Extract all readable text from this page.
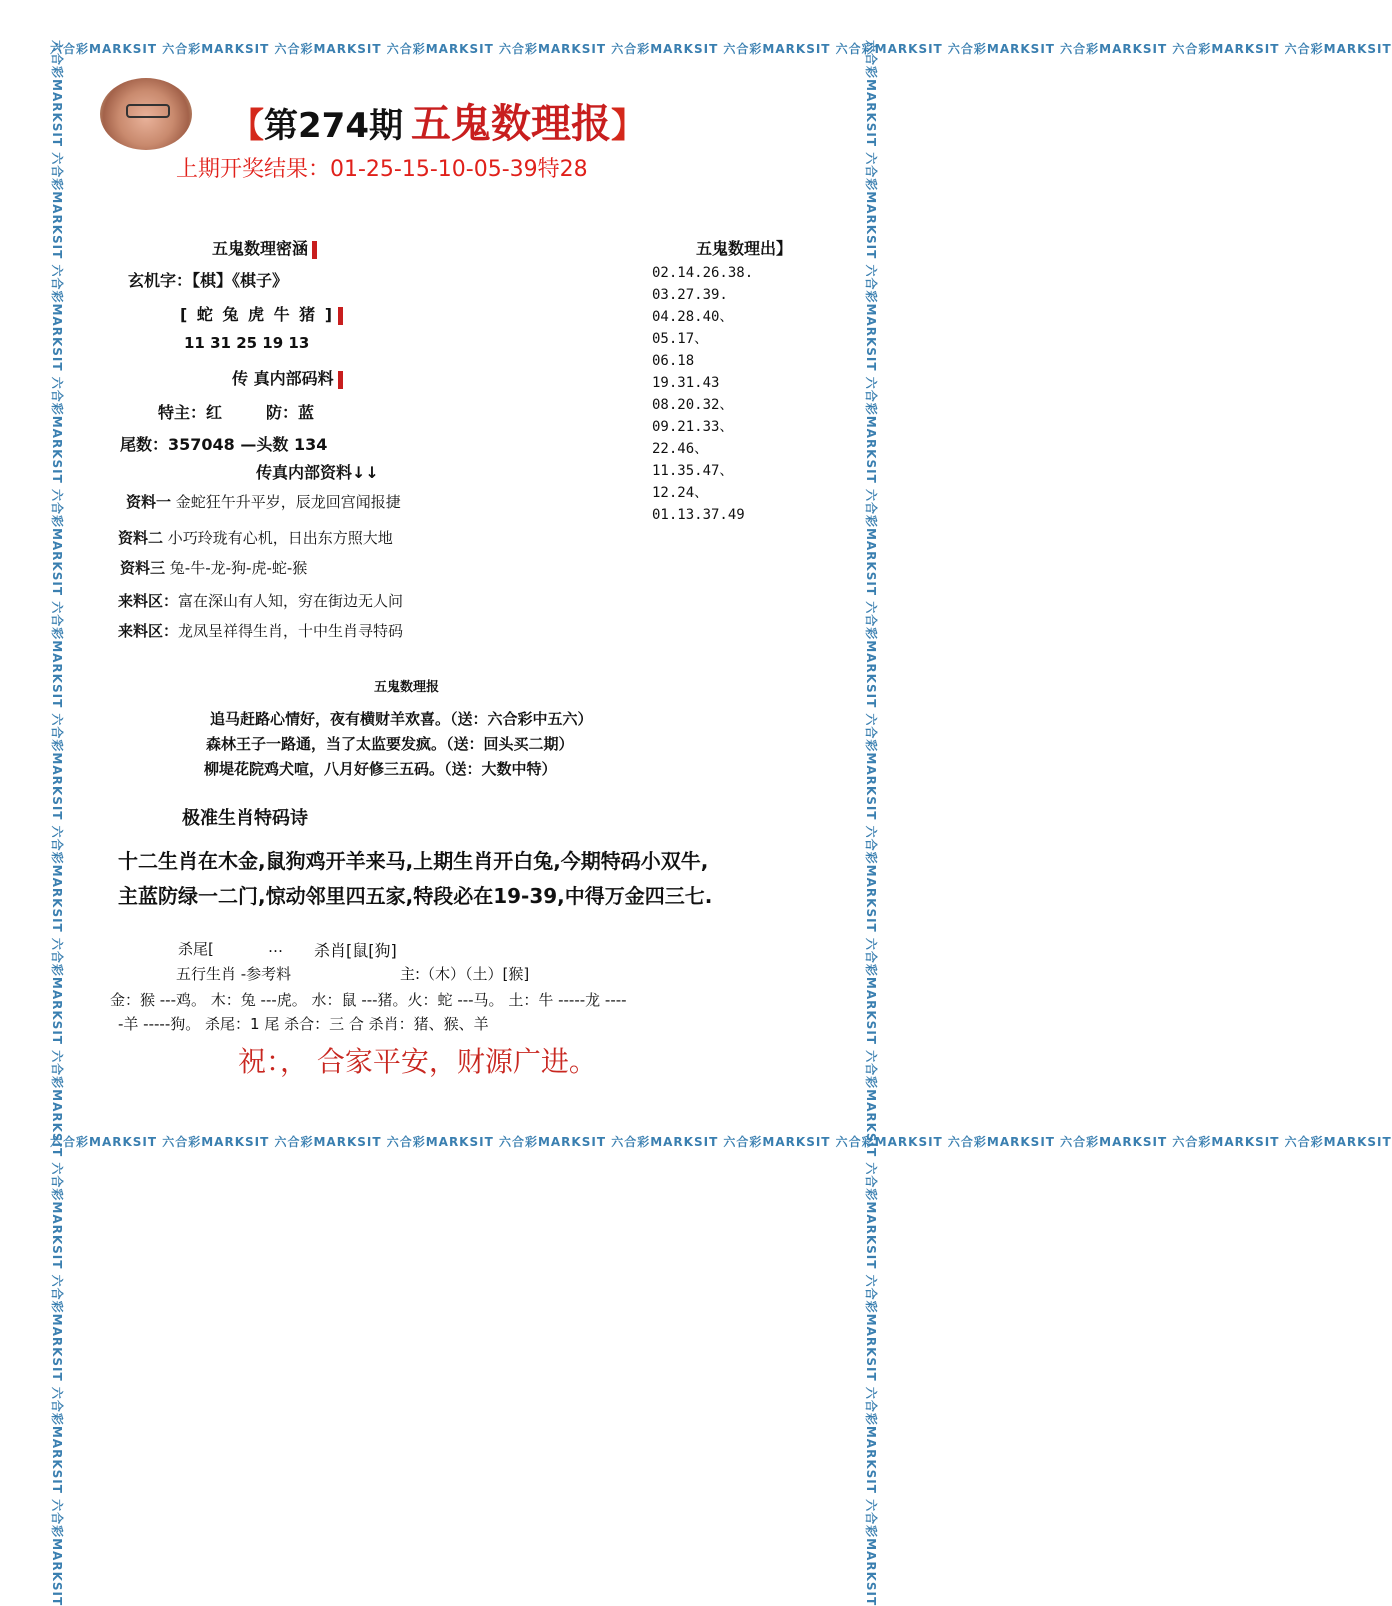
六合彩MARKSIT 六合彩MARKSIT 六合彩MARKSIT 六合彩MARKSIT 六合彩MARKSIT 六合彩MARKSIT 六合彩MARKSIT 六合彩MARKSIT 六合彩MARKSIT 六合彩MARKSIT 六合彩MARKSIT 六合彩MARKSIT
六合彩MARKSIT 六合彩MARKSIT 六合彩MARKSIT 六合彩MARKSIT 六合彩MARKSIT 六合彩MARKSIT 六合彩MARKSIT 六合彩MARKSIT 六合彩MARKSIT 六合彩MARKSIT 六合彩MARKSIT 六合彩MARKSIT
六合彩MARKSIT 六合彩MARKSIT 六合彩MARKSIT 六合彩MARKSIT 六合彩MARKSIT 六合彩MARKSIT 六合彩MARKSIT 六合彩MARKSIT 六合彩MARKSIT 六合彩MARKSIT 六合彩MARKSIT 六合彩MARKSIT 六合彩MARKSIT 六合彩MARKSIT	六合彩MARKSIT 六合彩MARKSIT 六合彩MARKSIT 六合彩MARKSIT 六合彩MARKSIT 六合彩MARKSIT 六合彩MARKSIT 六合彩MARKSIT 六合彩MARKSIT 六合彩MARKSIT 六合彩MARKSIT 六合彩MARKSIT 六合彩MARKSIT 六合彩MARKSIT
【第274期 五鬼数理报】
上期开奖结果：01-25-15-10-05-39特28
五鬼数理密涵
玄机字：【棋】《棋子》
[ 蛇 兔 虎 牛 猪 ]
11 31 25 19 13
传 真内部码料
特主：红	防：蓝
尾数：357048 —头数 134
传真内部资料↓↓
资料一 金蛇狂午升平岁，辰龙回宫闻报捷
资料二 小巧玲珑有心机，日出东方照大地
资料三 兔-牛-龙-狗-虎-蛇-猴
来料区：富在深山有人知，穷在街边无人问
来料区：龙凤呈祥得生肖，十中生肖寻特码
五鬼数理出】
02.14.26.38.
03.27.39.
04.28.40、
05.17、
06.18
19.31.43
08.20.32、
09.21.33、
22.46、
11.35.47、
12.24、
01.13.37.49
五鬼数理报
追马赶路心情好，夜有横财羊欢喜。（送：六合彩中五六）
森林王子一路通，当了太监要发疯。（送：回头买二期）
柳堤花院鸡犬喧，八月好修三五码。（送：大数中特）
极准生肖特码诗
十二生肖在木金,鼠狗鸡开羊来马,上期生肖开白兔,今期特码小双牛,
主蓝防绿一二门,惊动邻里四五家,特段必在19-39,中得万金四三七.
杀尾[	… 杀肖[鼠[狗]
五行生肖 -参考料	主:（木）（土）[猴]
金：猴 ---鸡。 木：兔 ---虎。 水：鼠 ---猪。火：蛇 ---马。 土：牛 -----龙 ----
-羊 -----狗。 杀尾：1 尾 杀合：三 合 杀肖：猪、猴、羊
祝：， 合家平安，财源广进。
